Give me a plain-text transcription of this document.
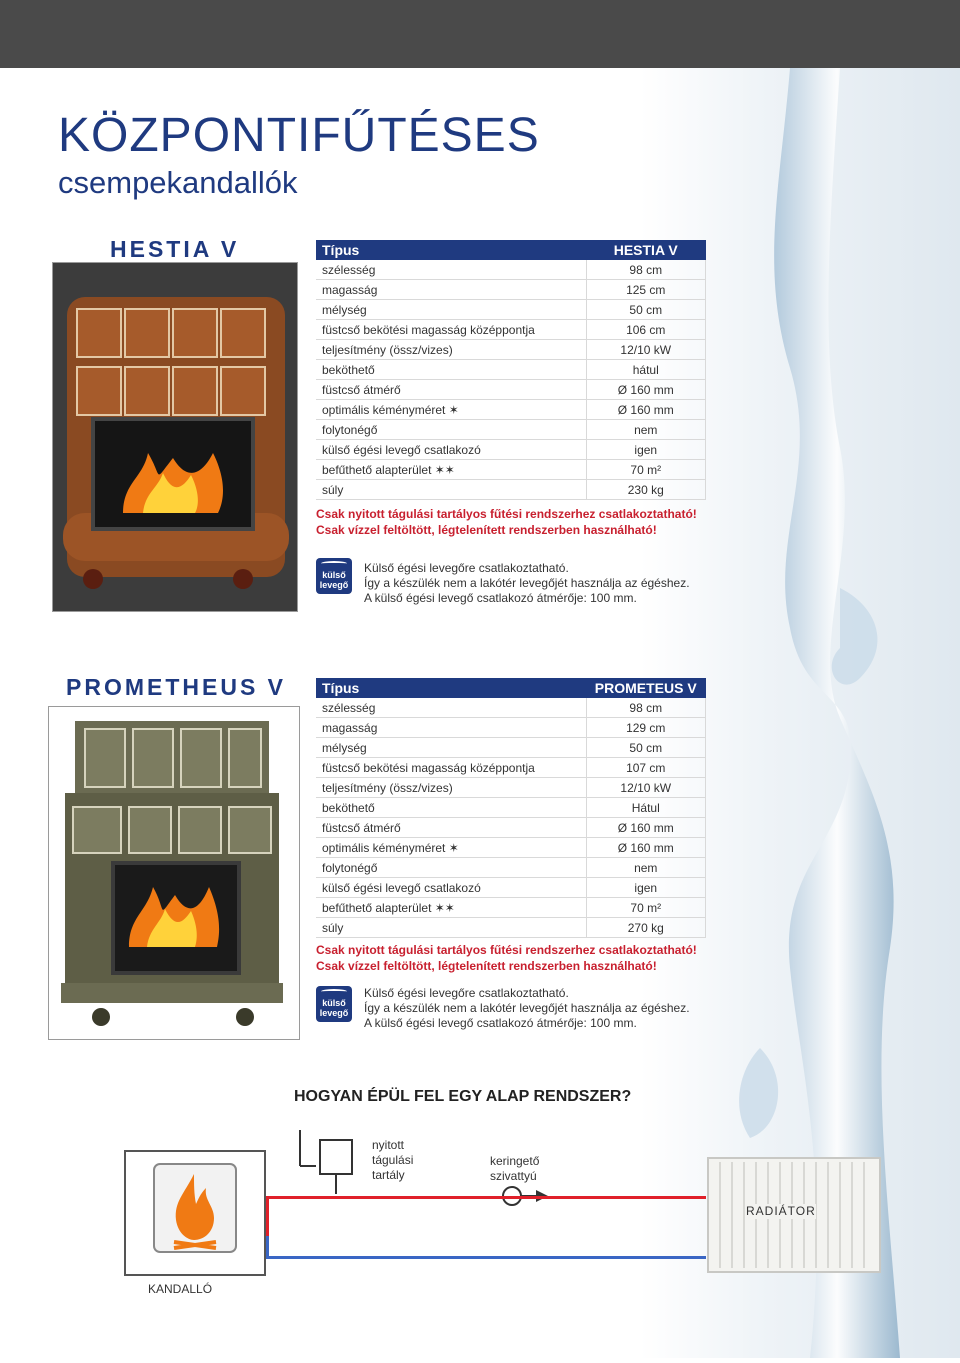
KÖZPONTIFŰTÉSES
csempekandallók
HESTIA V	Típus	HESTIA V
szélesség	98 cm
magasság	125 cm
mélység	50 cm
füstcső bekötési magasság középpontja	106 cm
teljesítmény (össz/vizes)	12/10 kW
beköthető	hátul
füstcső átmérő	Ø 160 mm
optimális kéményméret ✶	Ø 160 mm
folytonégő	nem
külső égési levegő csatlakozó	igen
befűthető alapterület ✶✶	70 m²
súly	230 kg
Csak nyitott tágulási tartályos fűtési rendszerhez csatlakoztatható!
Csak vízzel feltöltött, légtelenített rendszerben használható!
külső
levegő
Külső égési levegőre csatlakoztatható.
Így a készülék nem a lakótér levegőjét használja az égéshez.
A külső égési levegő csatlakozó átmérője: 100 mm.
PROMETHEUS V	Típus	PROMETEUS V
szélesség	98 cm
magasság	129 cm
mélység	50 cm
füstcső bekötési magasság középpontja	107 cm
teljesítmény (össz/vizes)	12/10 kW
beköthető	Hátul
füstcső átmérő	Ø 160 mm
optimális kéményméret ✶	Ø 160 mm
folytonégő	nem
külső égési levegő csatlakozó	igen
befűthető alapterület ✶✶	70 m²
súly	270 kg
Csak nyitott tágulási tartályos fűtési rendszerhez csatlakoztatható!
Csak vízzel feltöltött, légtelenített rendszerben használható!
külső
levegő
Külső égési levegőre csatlakoztatható.
Így a készülék nem a lakótér levegőjét használja az égéshez.
A külső égési levegő csatlakozó átmérője: 100 mm.
HOGYAN ÉPÜL FEL EGY ALAP RENDSZER?
nyitott
tágulási
tartály
keringető
szivattyú
KANDALLÓ
RADIÁTOR
